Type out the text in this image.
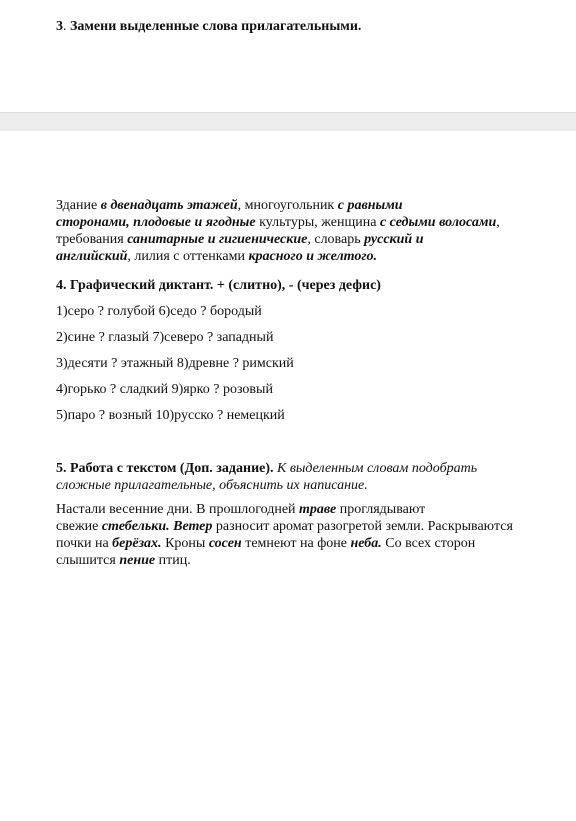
3. Замени выделенные слова прилагательными.

Здание в двенадцать этажей, многоугольник с равными
сторонами, плодовые и ягодные культуры, женщина с седыми волосами,
требования санитарные и гигиенические, словарь русский и
английский, лилия с оттенками красного и желтого.

4. Графический диктант. + (слитно), - (через дефис)
1)серо ? голубой 6)седо ? бородый
2)сине ? глазый 7)северо ? западный
3)десяти ? этажный 8)древне ? римский
4)горько ? сладкий 9)ярко ? розовый
5)паро ? возный 10)русско ? немецкий

5. Работа с текстом (Доп. задание). К выделенным словам подобрать
сложные прилагательные, объяснить их написание.

Настали весенние дни. В прошлогодней траве проглядывают
свежие стебельки. Ветер разносит аромат разогретой земли. Раскрываются
почки на берёзах. Кроны сосен темнеют на фоне неба. Со всех сторон
слышится пение птиц.
